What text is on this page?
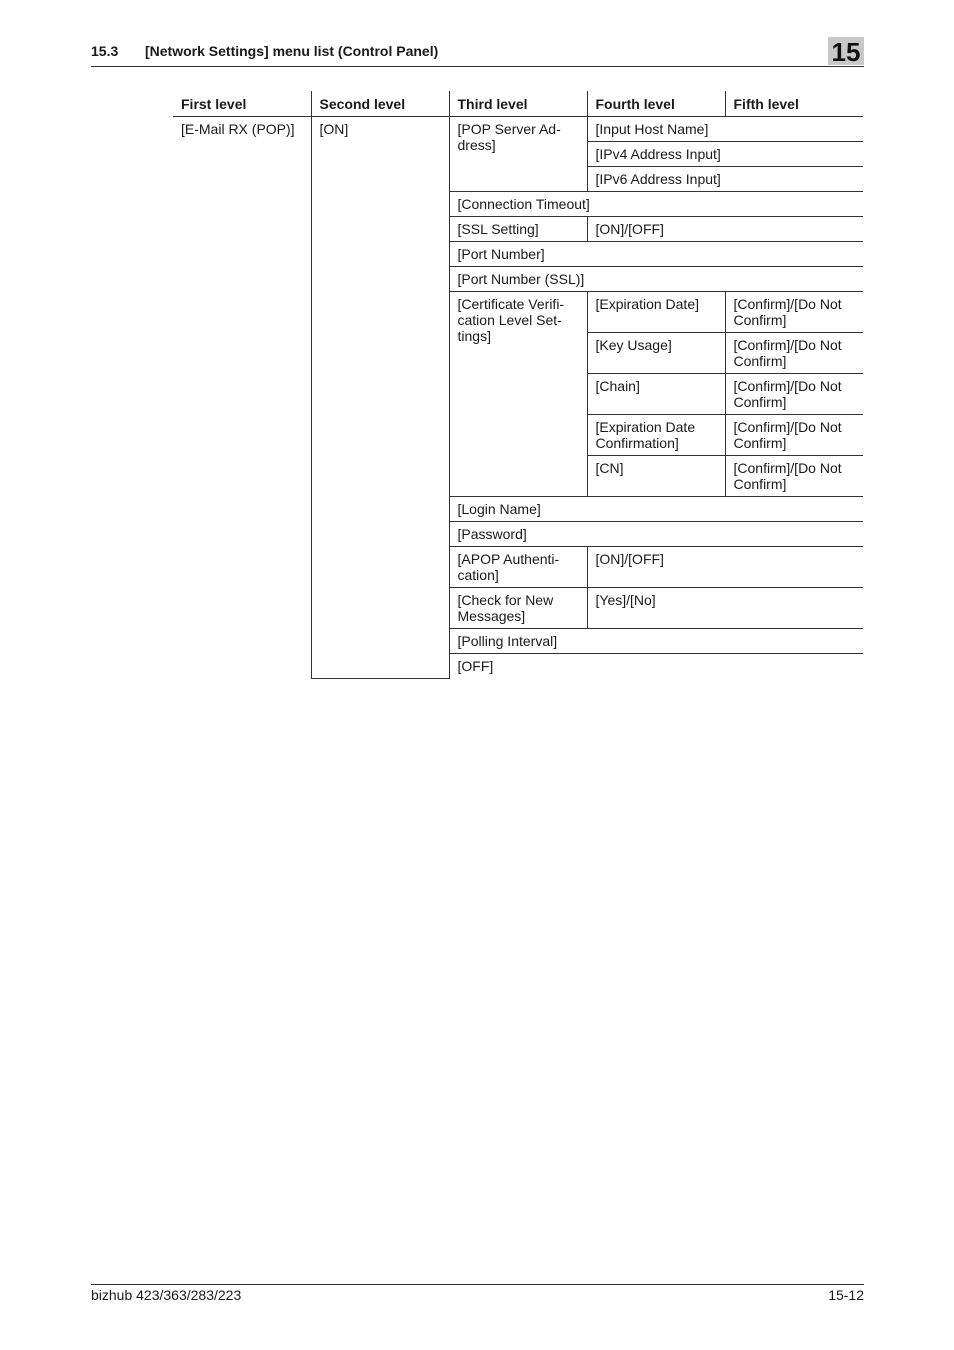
15.3 [Network Settings] menu list (Control Panel)	15
First level	Second level	Third level	Fourth level	Fifth level
[E-Mail RX (POP)]	[ON]	[POP Server Ad-dress]	[Input Host Name]	
			[IPv4 Address Input]	
			[IPv6 Address Input]	
		[Connection Timeout]		
		[SSL Setting]	[ON]/[OFF]	
		[Port Number]		
		[Port Number (SSL)]		
		[Certificate Verifi-cation Level Set-tings]	[Expiration Date]	[Confirm]/[Do Not Confirm]
			[Key Usage]	[Confirm]/[Do Not Confirm]
			[Chain]	[Confirm]/[Do Not Confirm]
			[Expiration Date Confirmation]	[Confirm]/[Do Not Confirm]
			[CN]	[Confirm]/[Do Not Confirm]
		[Login Name]		
		[Password]		
		[APOP Authenti-cation]	[ON]/[OFF]	
		[Check for New Messages]	[Yes]/[No]	
		[Polling Interval]		
		[OFF]		
bizhub 423/363/283/223	15-12
